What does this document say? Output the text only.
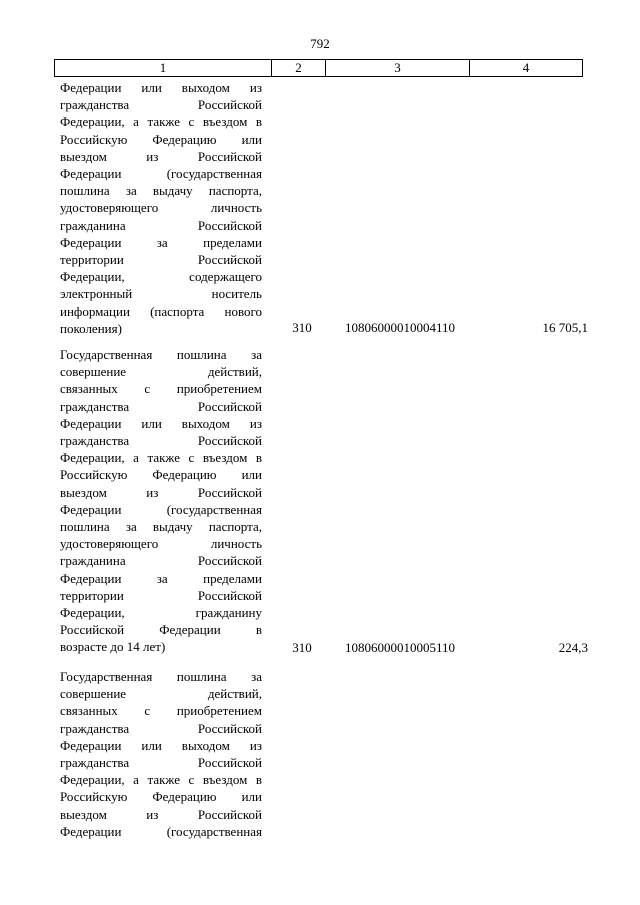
792
1	2	3	4
Федерации или выходом из
гражданства Российской
Федерации, а также с въездом в
Российскую Федерацию или
выездом из Российской
Федерации (государственная
пошлина за выдачу паспорта,
удостоверяющего личность
гражданина Российской
Федерации за пределами
территории Российской
Федерации, содержащего
электронный носитель
информации (паспорта нового
поколения)	310	10806000010004110	16 705,1
Государственная пошлина за
совершение действий,
связанных с приобретением
гражданства Российской
Федерации или выходом из
гражданства Российской
Федерации, а также с въездом в
Российскую Федерацию или
выездом из Российской
Федерации (государственная
пошлина за выдачу паспорта,
удостоверяющего личность
гражданина Российской
Федерации за пределами
территории Российской
Федерации, гражданину
Российской Федерации в
возрасте до 14 лет)	310	10806000010005110	224,3
Государственная пошлина за
совершение действий,
связанных с приобретением
гражданства Российской
Федерации или выходом из
гражданства Российской
Федерации, а также с въездом в
Российскую Федерацию или
выездом из Российской
Федерации (государственная
